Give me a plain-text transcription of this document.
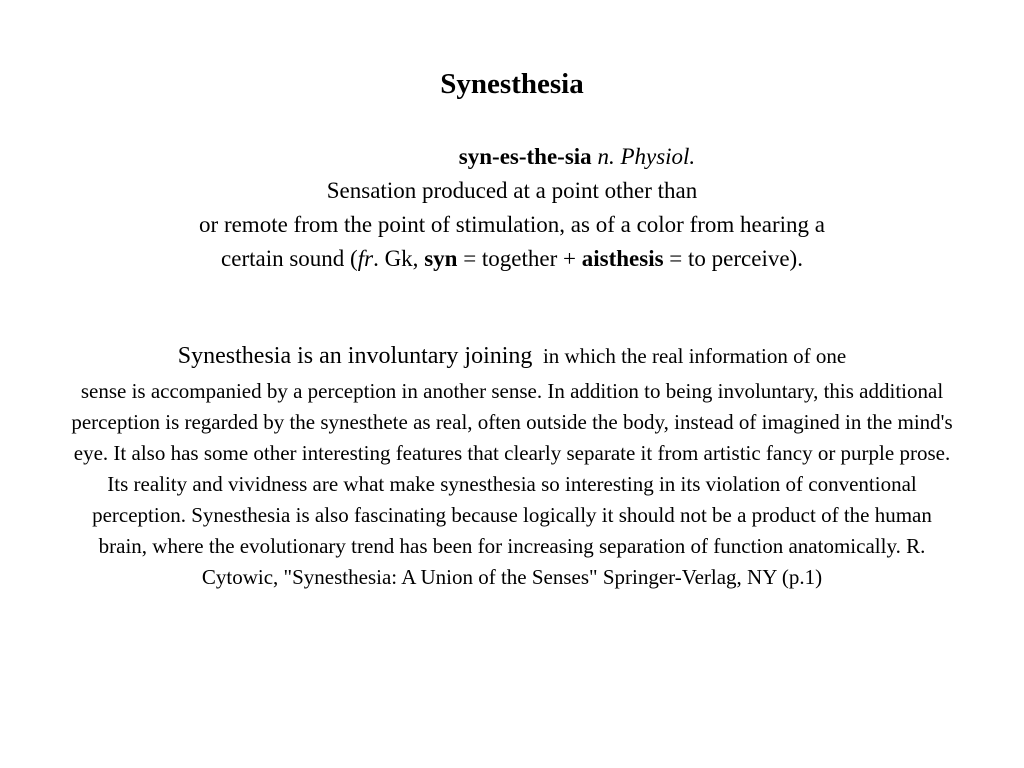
Synesthesia
syn-es-the-sia n. Physiol.
Sensation produced at a point other than
or remote from the point of stimulation, as of a color from hearing a
certain sound (fr. Gk, syn = together + aisthesis = to perceive).
Synesthesia is an involuntary joining in which the real information of one
sense is accompanied by a perception in another sense. In addition to being involuntary, this additional perception is regarded by the synesthete as real, often outside the body, instead of imagined in the mind's eye. It also has some other interesting features that clearly separate it from artistic fancy or purple prose. Its reality and vividness are what make synesthesia so interesting in its violation of conventional perception. Synesthesia is also fascinating because logically it should not be a product of the human brain, where the evolutionary trend has been for increasing separation of function anatomically. R. Cytowic, "Synesthesia: A Union of the Senses" Springer-Verlag, NY (p.1)
